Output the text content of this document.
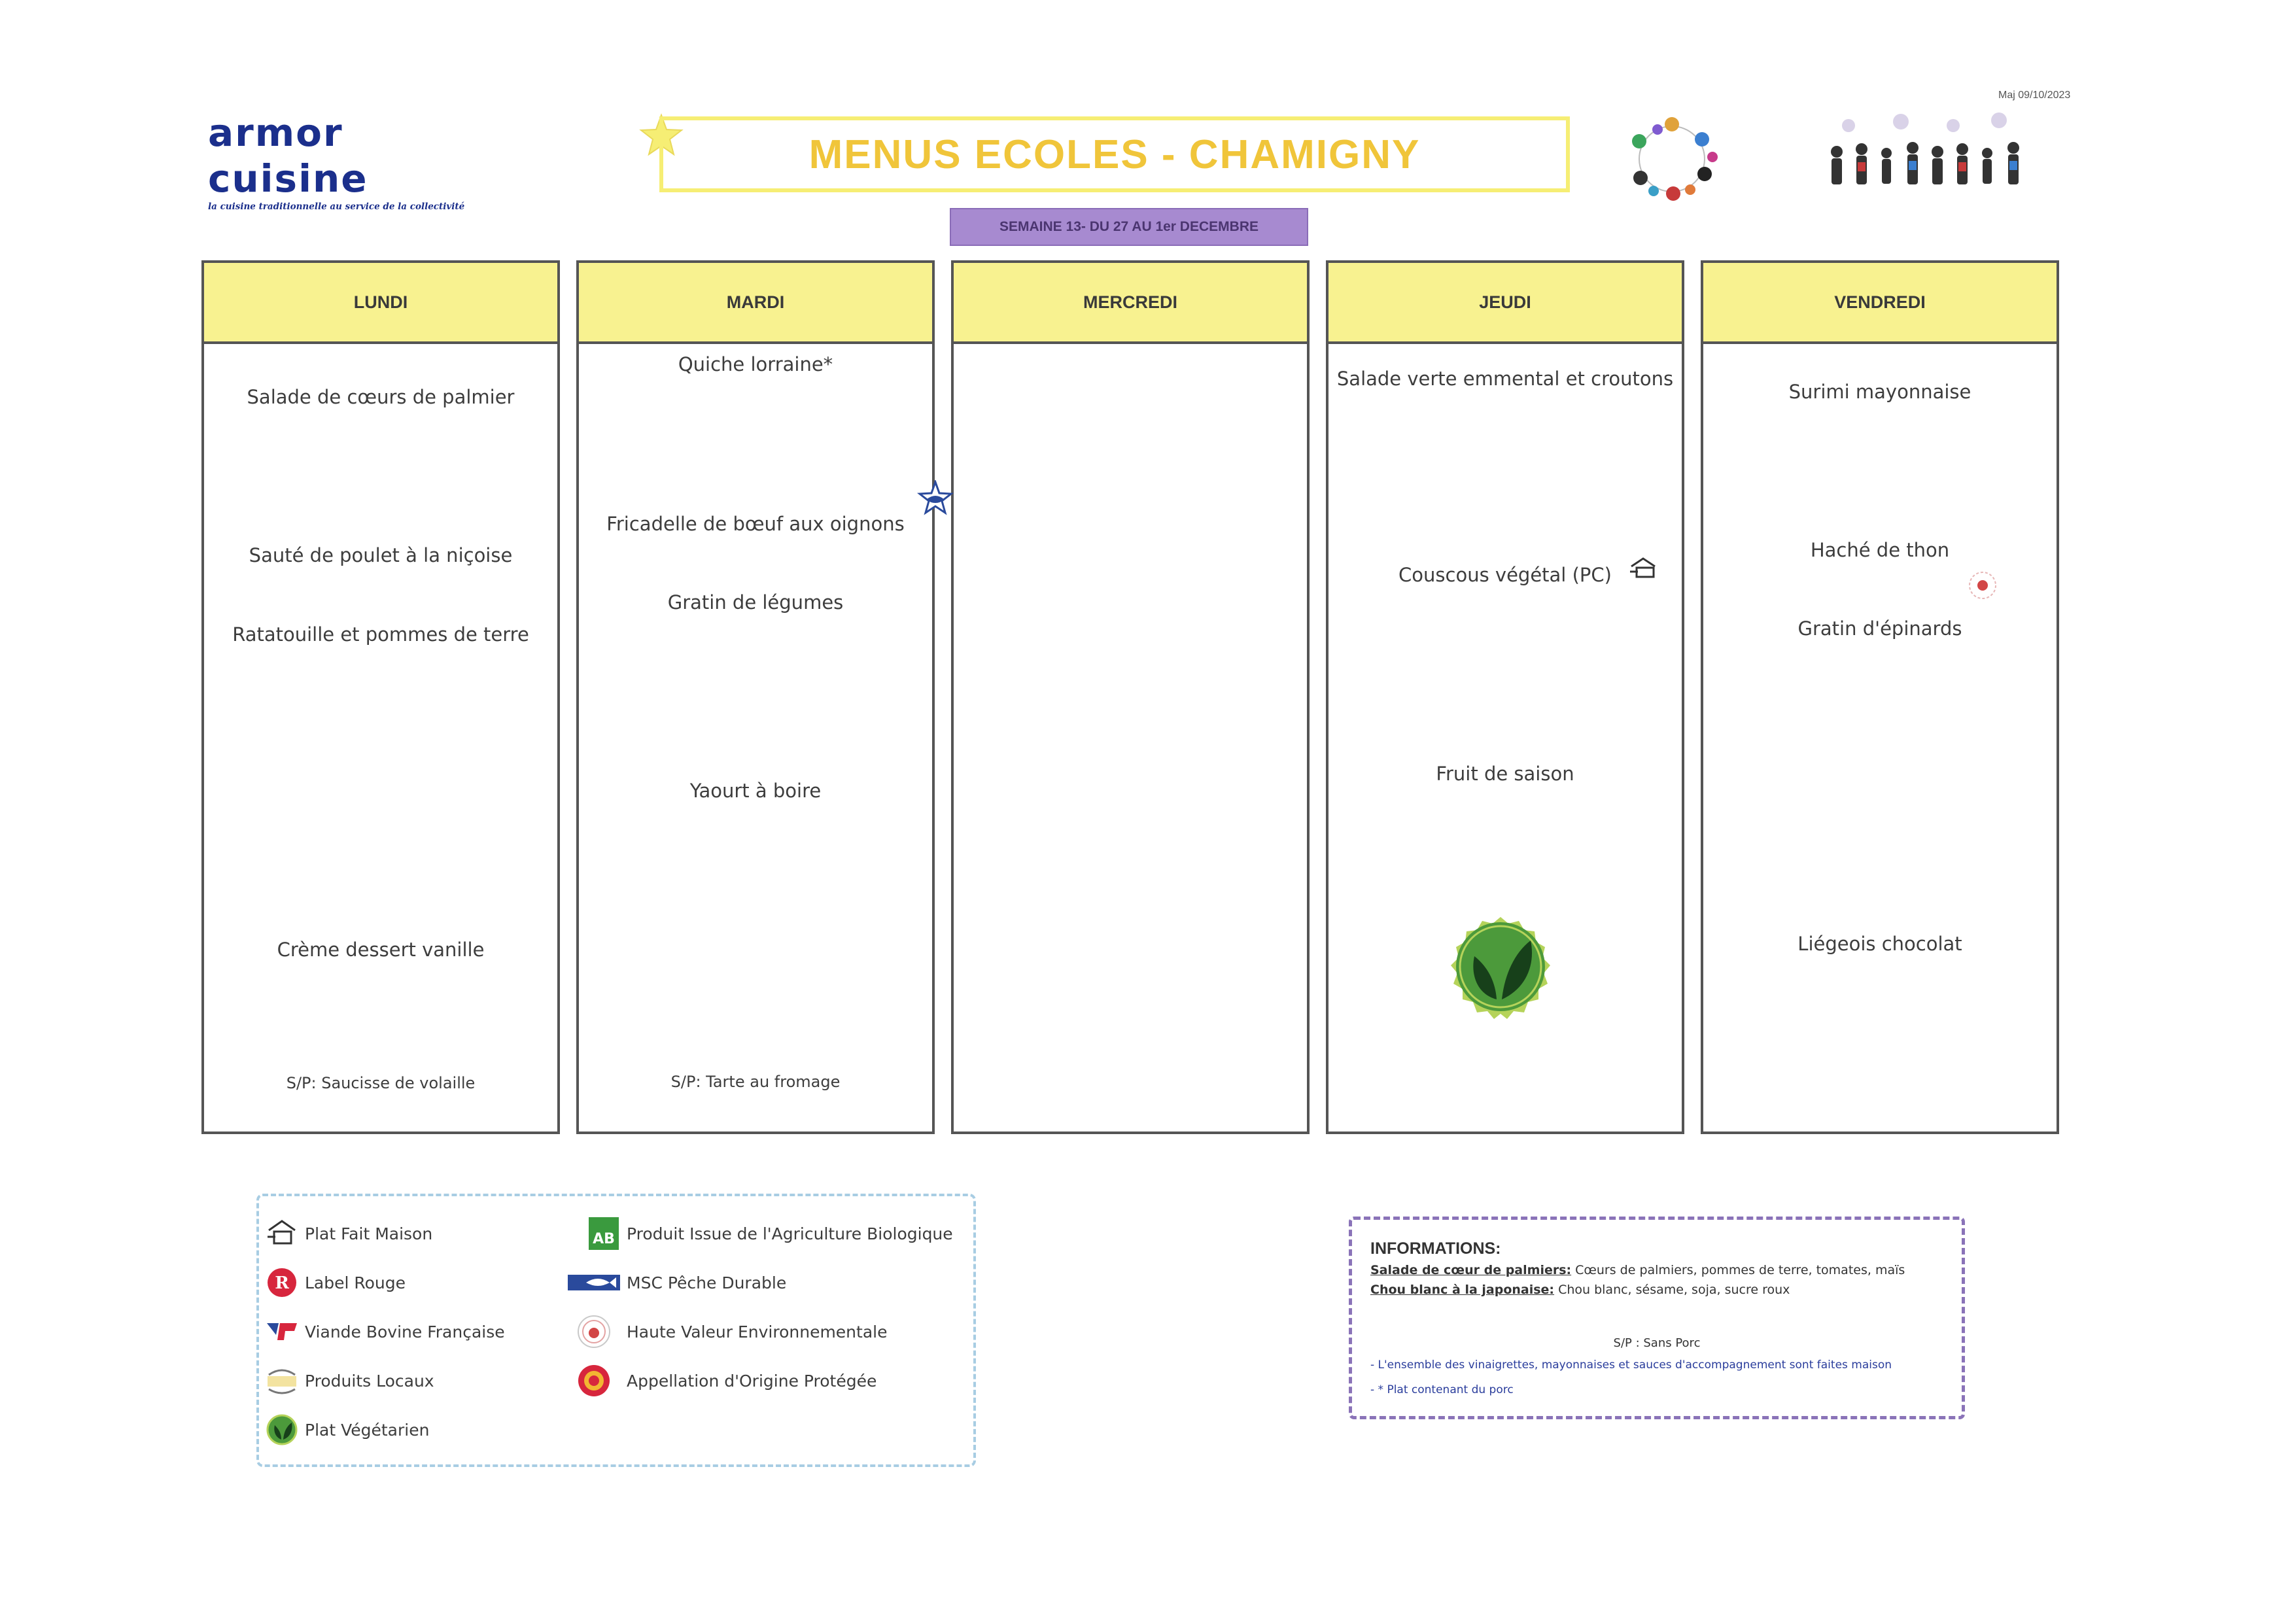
armor cuisine
la cuisine traditionnelle au service de la collectivité
Maj 09/10/2023
MENUS ECOLES - CHAMIGNY
SEMAINE 13- DU 27 AU 1er DECEMBRE
LUNDI
Salade de cœurs de palmier
Sauté de poulet à la niçoise
Ratatouille et pommes de terre
Crème dessert vanille
S/P: Saucisse de volaille
MARDI
Quiche lorraine*
Fricadelle de bœuf aux oignons
Gratin de légumes
Yaourt à boire
S/P: Tarte au fromage
MERCREDI	JEUDI
Salade verte emmental et croutons
Couscous végétal (PC)
Fruit de saison
VENDREDI
Surimi mayonnaise
Haché de thon
Gratin d'épinards
Liégeois chocolat
Plat Fait Maison
R Label Rouge
Viande Bovine Française
Produits Locaux
Plat Végétarien
AB Produit Issue de l'Agriculture Biologique
MSC Pêche Durable
Haute Valeur Environnementale
Appellation d'Origine Protégée
INFORMATIONS:
Salade de cœur de palmiers: Cœurs de palmiers, pommes de terre, tomates, maïs
Chou blanc à la japonaise: Chou blanc, sésame, soja, sucre roux
S/P : Sans Porc
- L'ensemble des vinaigrettes, mayonnaises et sauces d'accompagnement sont faites maison
- * Plat contenant du porc
